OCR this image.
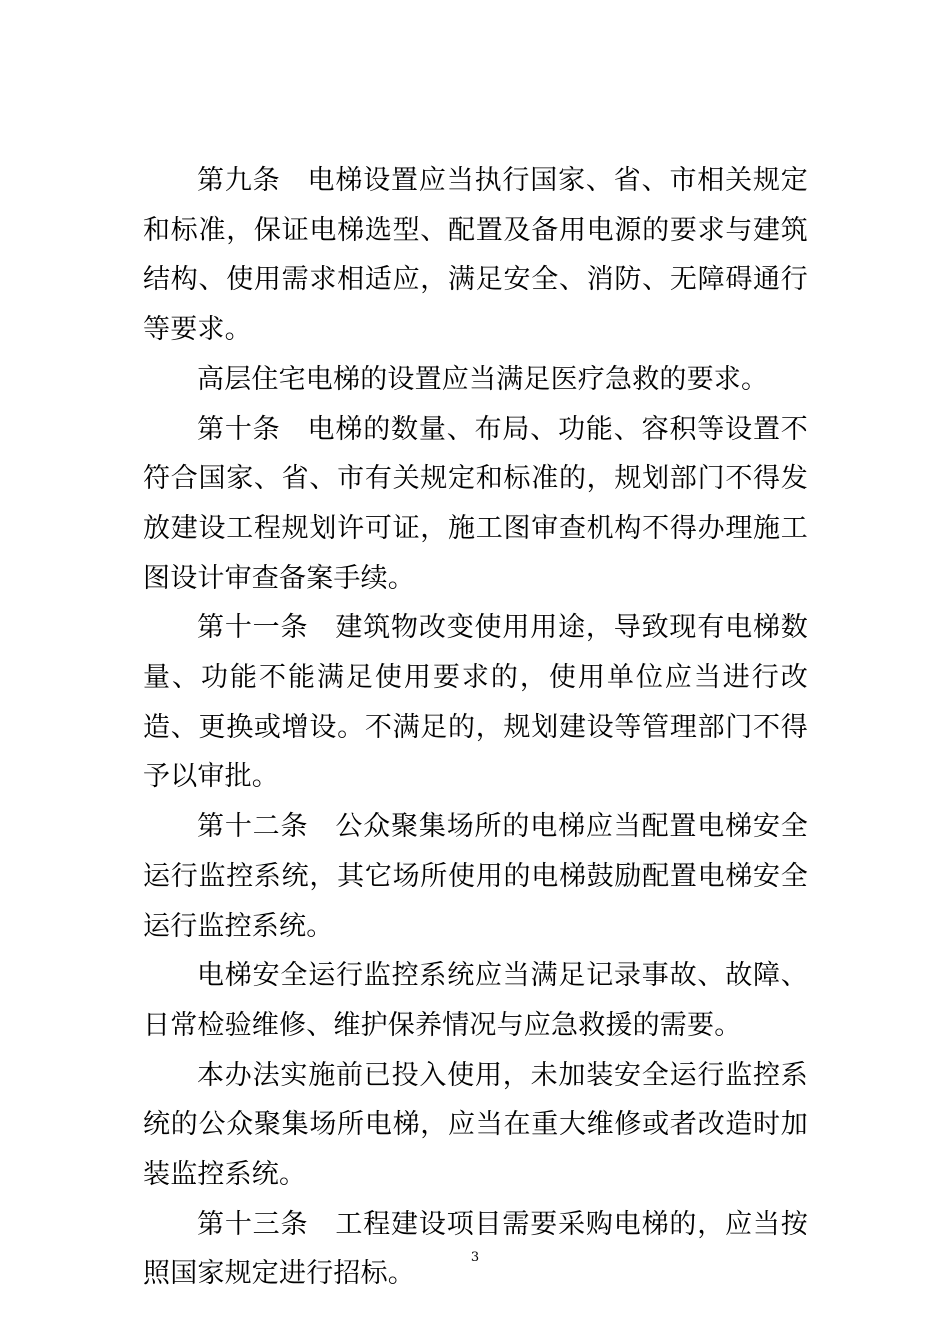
第九条 电梯设置应当执行国家、省、市相关规定和标准，保证电梯选型、配置及备用电源的要求与建筑结构、使用需求相适应，满足安全、消防、无障碍通行等要求。

高层住宅电梯的设置应当满足医疗急救的要求。

第十条 电梯的数量、布局、功能、容积等设置不符合国家、省、市有关规定和标准的，规划部门不得发放建设工程规划许可证，施工图审查机构不得办理施工图设计审查备案手续。

第十一条 建筑物改变使用用途，导致现有电梯数量、功能不能满足使用要求的，使用单位应当进行改造、更换或增设。不满足的，规划建设等管理部门不得予以审批。

第十二条 公众聚集场所的电梯应当配置电梯安全运行监控系统，其它场所使用的电梯鼓励配置电梯安全运行监控系统。

电梯安全运行监控系统应当满足记录事故、故障、日常检验维修、维护保养情况与应急救援的需要。

本办法实施前已投入使用，未加装安全运行监控系统的公众聚集场所电梯，应当在重大维修或者改造时加装监控系统。

第十三条 工程建设项目需要采购电梯的，应当按照国家规定进行招标。

3
